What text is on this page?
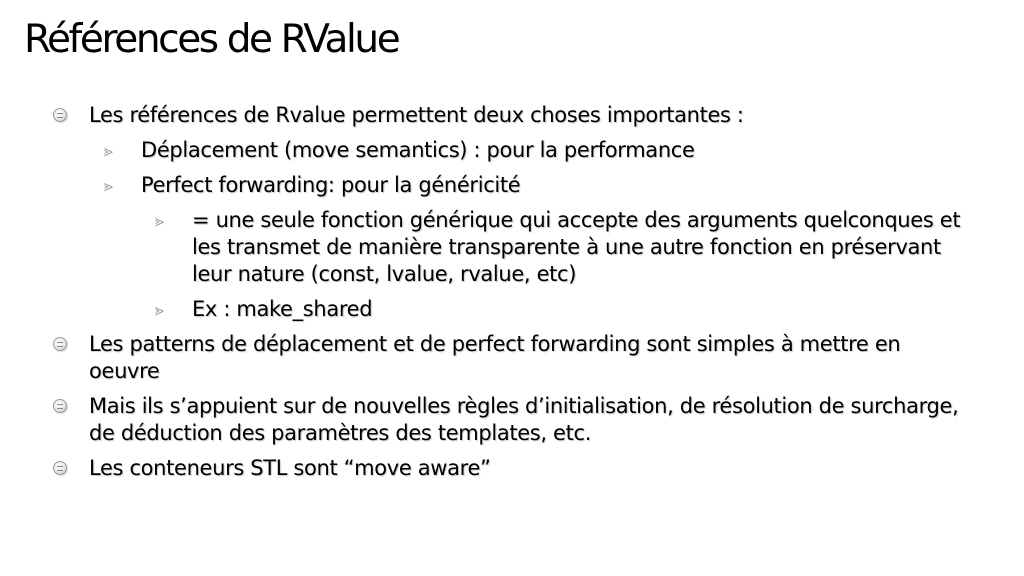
Références de RValue
Les références de Rvalue permettent deux choses importantes :
⪢ Déplacement (move semantics) : pour la performance
⪢ Perfect forwarding: pour la généricité
⪢ = une seule fonction générique qui accepte des arguments quelconques et les transmet de manière transparente à une autre fonction en préservant leur nature (const, lvalue, rvalue, etc)
⪢ Ex : make_shared
Les patterns de déplacement et de perfect forwarding sont simples à mettre en oeuvre
Mais ils s’appuient sur de nouvelles règles d’initialisation, de résolution de surcharge, de déduction des paramètres des templates, etc.
Les conteneurs STL sont “move aware”
